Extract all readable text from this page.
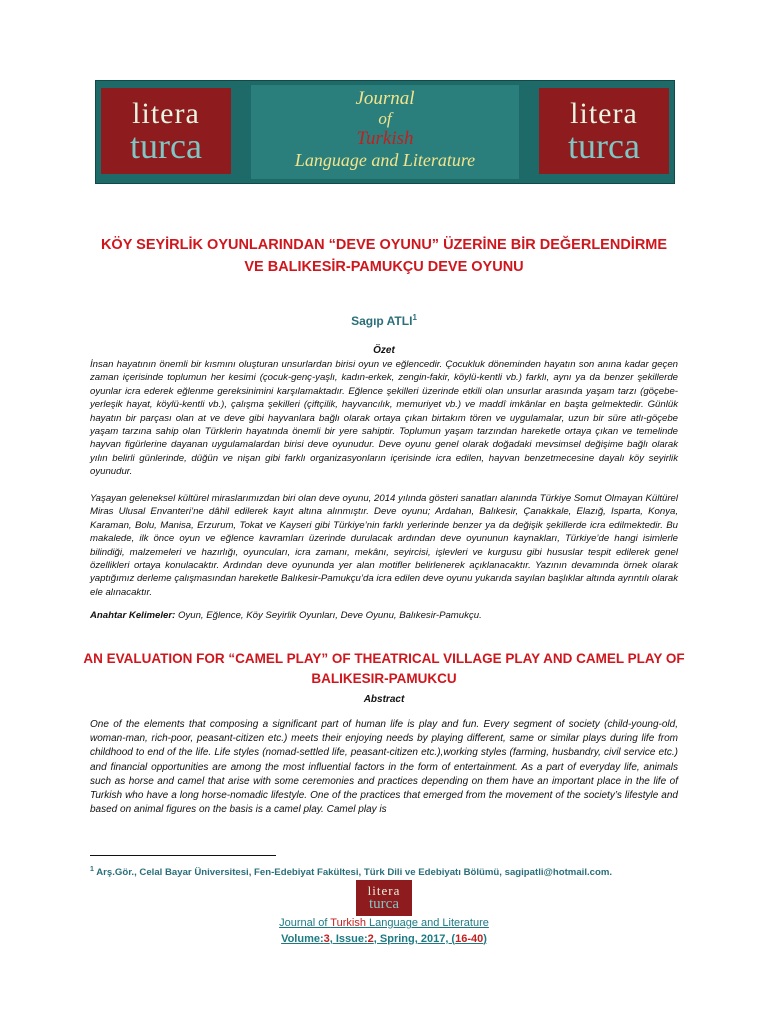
litera
turca
Journal
of
Turkish
Language and Literature
litera
turca
KÖY SEYİRLİK OYUNLARINDAN “DEVE OYUNU” ÜZERİNE BİR DEĞERLENDİRME
VE BALIKESİR-PAMUKÇU DEVE OYUNU
Sagıp ATLI$^1$
Özet
İnsan hayatının önemli bir kısmını oluşturan unsurlardan birisi oyun ve eğlencedir. Çocukluk döneminden hayatın son anına kadar geçen zaman içerisinde toplumun her kesimi (çocuk-genç-yaşlı, kadın-erkek, zengin-fakir, köylü-kentli vb.) farklı, aynı ya da benzer şekillerde oyunlar icra ederek eğlenme gereksinimini karşılamaktadır. Eğlence şekilleri üzerinde etkili olan unsurlar arasında yaşam tarzı (göçebe-yerleşik hayat, köylü-kentli vb.), çalışma şekilleri (çiftçilik, hayvancılık, memuriyet vb.) ve maddî imkânlar en başta gelmektedir. Günlük hayatın bir parçası olan at ve deve gibi hayvanlara bağlı olarak ortaya çıkan birtakım tören ve uygulamalar, uzun bir süre atlı-göçebe yaşam tarzına sahip olan Türklerin hayatında önemli bir yere sahiptir. Toplumun yaşam tarzından hareketle ortaya çıkan ve temelinde hayvan figürlerine dayanan uygulamalardan birisi deve oyunudur. Deve oyunu genel olarak doğadaki mevsimsel değişime bağlı olarak yılın belirli günlerinde, düğün ve nişan gibi farklı organizasyonların içerisinde icra edilen, hayvan benzetmecesine dayalı köy seyirlik oyunudur.
Yaşayan geleneksel kültürel miraslarımızdan biri olan deve oyunu, 2014 yılında gösteri sanatları alanında Türkiye Somut Olmayan Kültürel Miras Ulusal Envanteri’ne dâhil edilerek kayıt altına alınmıştır. Deve oyunu; Ardahan, Balıkesir, Çanakkale, Elazığ, Isparta, Konya, Karaman, Bolu, Manisa, Erzurum, Tokat ve Kayseri gibi Türkiye’nin farklı yerlerinde benzer ya da değişik şekillerde icra edilmektedir. Bu makalede, ilk önce oyun ve eğlence kavramları üzerinde durulacak ardından deve oyununun kaynakları, Türkiye’de hangi isimlerle bilindiği, malzemeleri ve hazırlığı, oyuncuları, icra zamanı, mekânı, seyircisi, işlevleri ve kurgusu gibi hususlar tespit edilerek genel özellikleri ortaya konulacaktır. Ardından deve oyununda yer alan motifler belirlenerek açıklanacaktır. Yazının devamında örnek olarak yaptığımız derleme çalışmasından hareketle Balıkesir-Pamukçu’da icra edilen deve oyunu yukarıda sayılan başlıklar altında ayrıntılı olarak ele alınacaktır.
Anahtar Kelimeler: Oyun, Eğlence, Köy Seyirlik Oyunları, Deve Oyunu, Balıkesir-Pamukçu.
AN EVALUATION FOR “CAMEL PLAY” OF THEATRICAL VILLAGE PLAY AND CAMEL PLAY OF
BALIKESIR-PAMUKCU
Abstract
One of the elements that composing a significant part of human life is play and fun. Every segment of society (child-young-old, woman-man, rich-poor, peasant-citizen etc.) meets their enjoying needs by playing different, same or similar plays during life from childhood to end of the life. Life styles (nomad-settled life, peasant-citizen etc.),working styles (farming, husbandry, civil service etc.) and financial opportunities are among the most influential factors in the form of entertainment. As a part of everyday life, animals such as horse and camel that arise with some ceremonies and practices depending on them have an important place in the life of Turkish who have a long horse-nomadic lifestyle. One of the practices that emerged from the movement of the society’s lifestyle and based on animal figures on the basis is a camel play. Camel play is
$^1$ Arş.Gör., Celal Bayar Üniversitesi, Fen-Edebiyat Fakültesi, Türk Dili ve Edebiyatı Bölümü, sagipatli@hotmail.com.
litera
turca
Journal of Turkish Language and Literature
Volume:3, Issue:2, Spring, 2017, (16-40)
